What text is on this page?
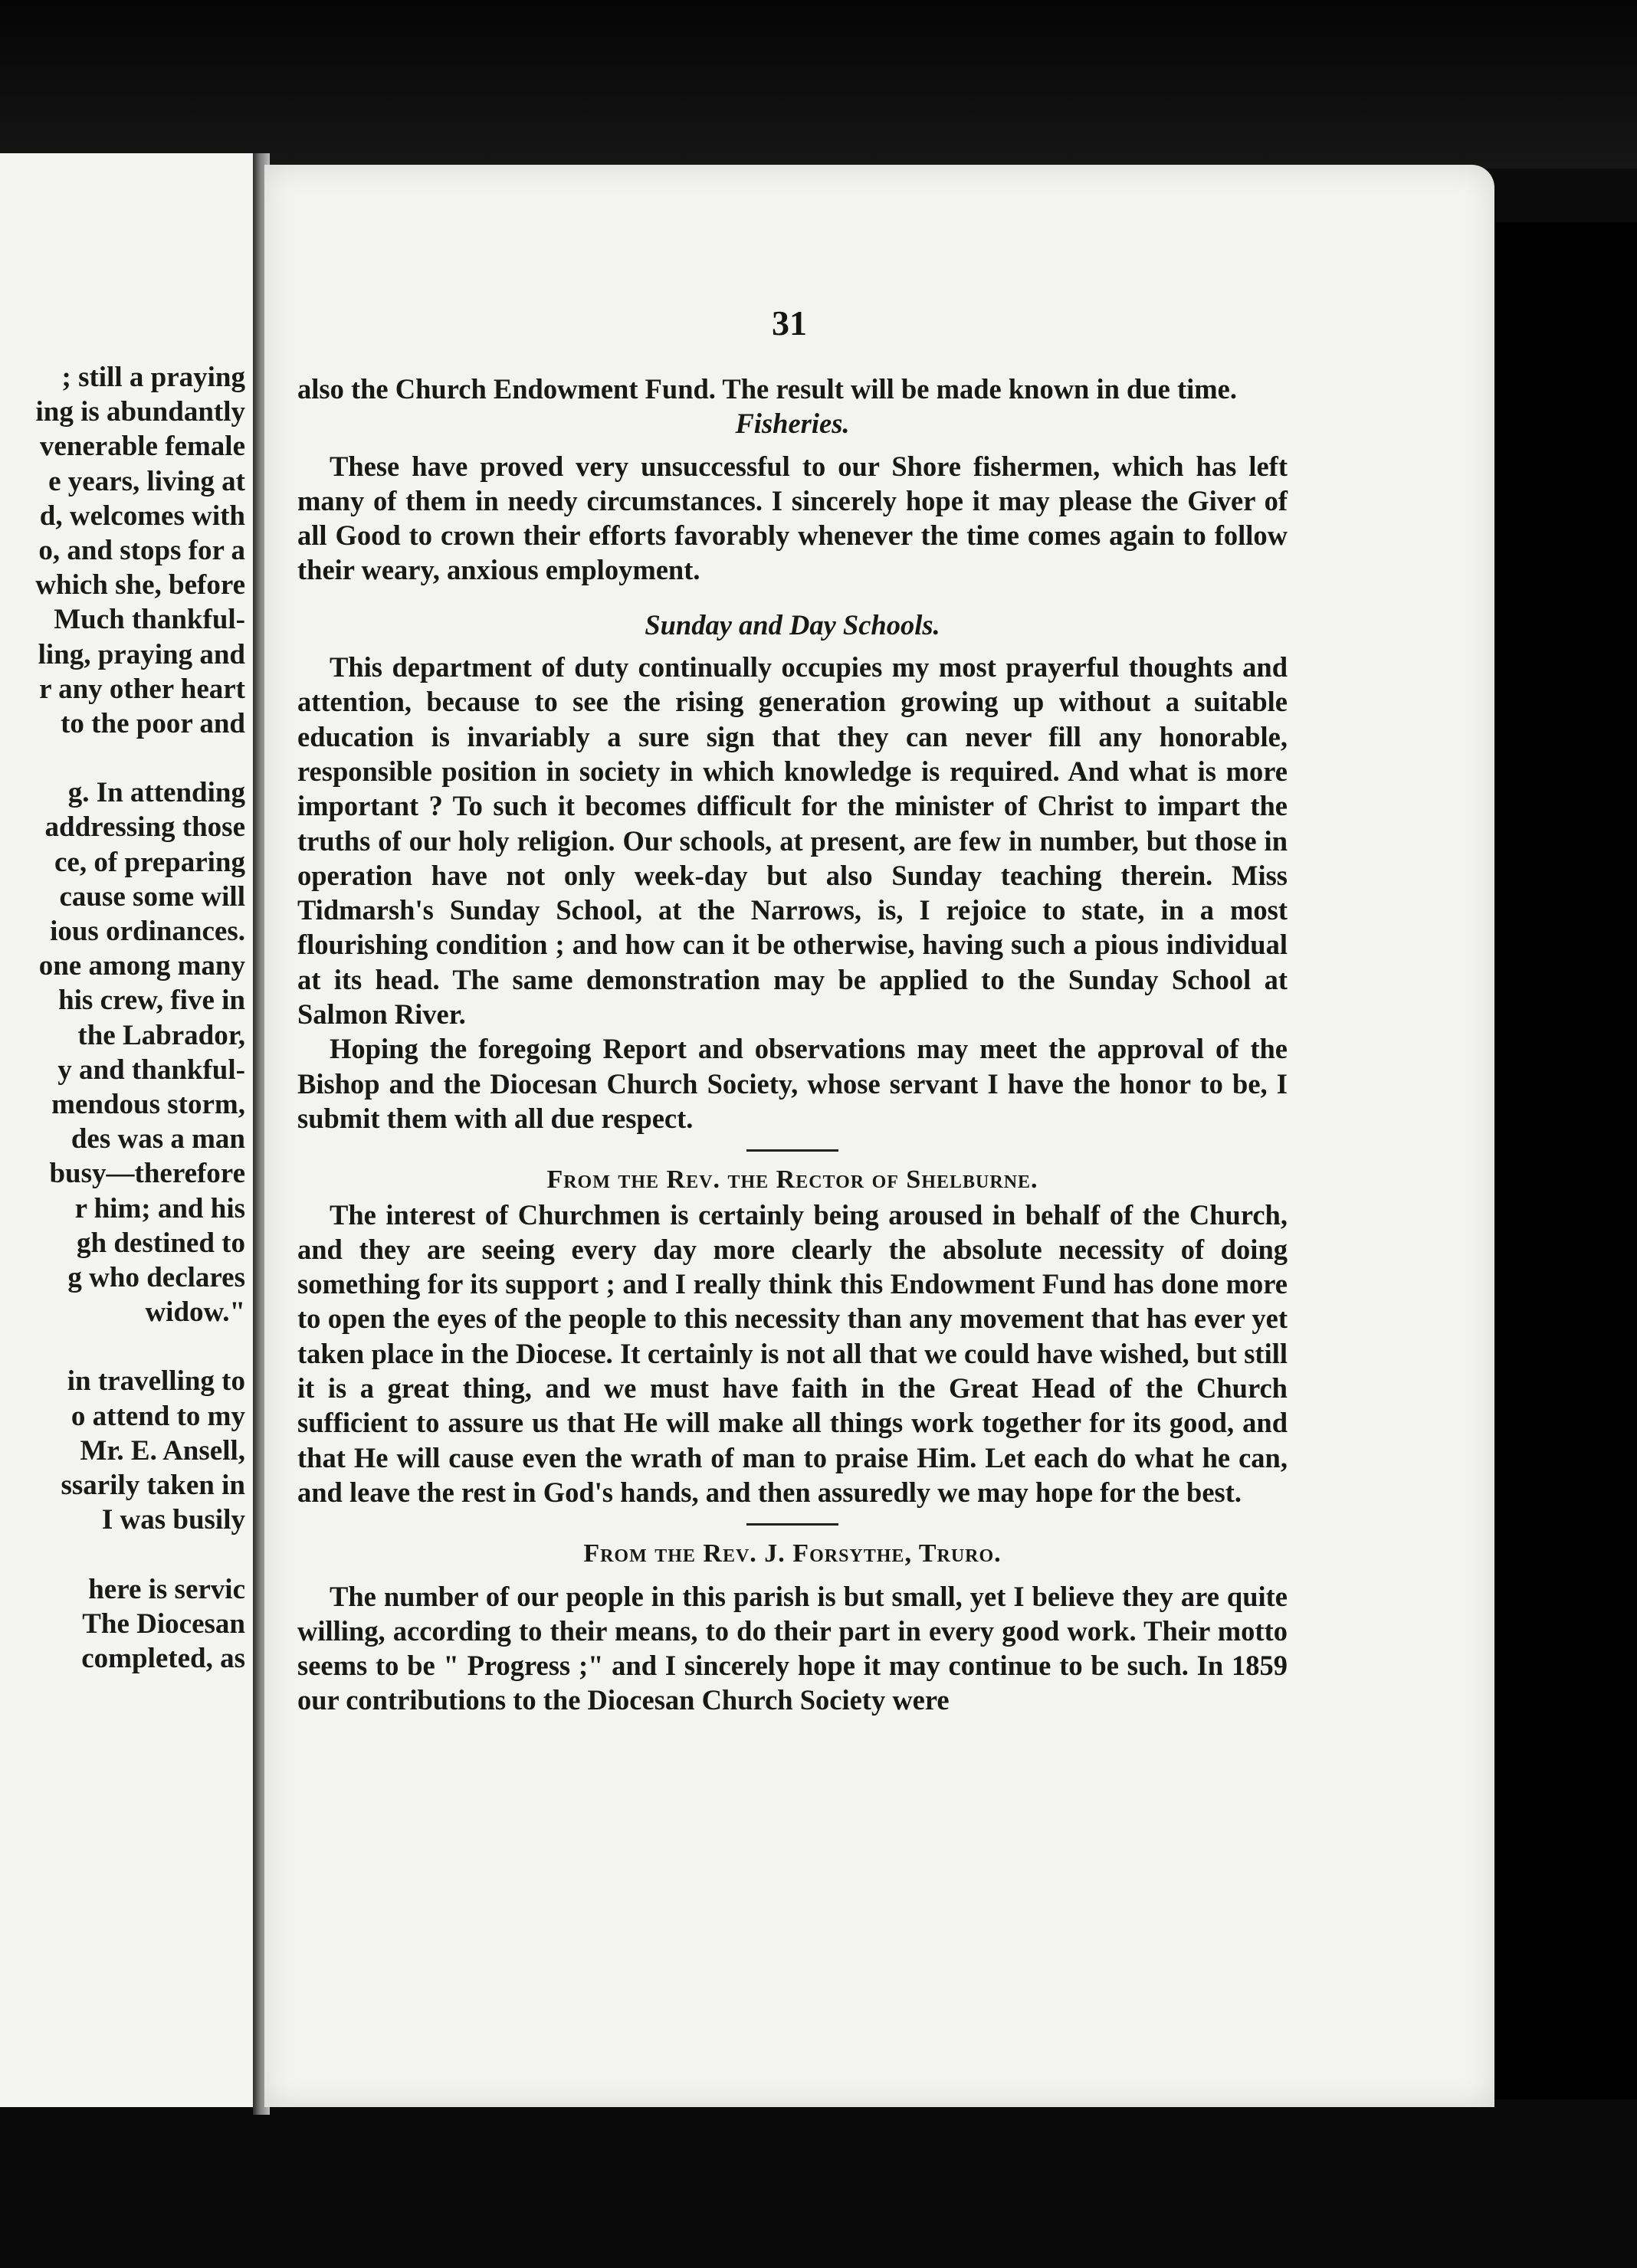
; still a praying
ing is abundantly
venerable female
e years, living at
d, welcomes with
o, and stops for a
which she, before
Much thankful-
ling, praying and
r any other heart
to the poor and
g. In attending
addressing those
ce, of preparing
cause some will
ious ordinances.
one among many
his crew, five in
the Labrador,
y and thankful-
mendous storm,
des was a man
busy—therefore
r him; and his
gh destined to
g who declares
widow."
in travelling to
o attend to my
Mr. E. Ansell,
ssarily taken in
I was busily
here is servic
The Diocesan
completed, as
31

also the Church Endowment Fund. The result will be made known in due time.

Fisheries.

These have proved very unsuccessful to our Shore fishermen, which has left many of them in needy circumstances. I sincerely hope it may please the Giver of all Good to crown their efforts favorably whenever the time comes again to follow their weary, anxious employment.

Sunday and Day Schools.

This department of duty continually occupies my most prayerful thoughts and attention, because to see the rising generation growing up without a suitable education is invariably a sure sign that they can never fill any honorable, responsible position in society in which knowledge is required. And what is more important ? To such it becomes difficult for the minister of Christ to impart the truths of our holy religion. Our schools, at present, are few in number, but those in operation have not only week-day but also Sunday teaching therein. Miss Tidmarsh's Sunday School, at the Narrows, is, I rejoice to state, in a most flourishing condition ; and how can it be otherwise, having such a pious individual at its head. The same demonstration may be applied to the Sunday School at Salmon River.

Hoping the foregoing Report and observations may meet the approval of the Bishop and the Diocesan Church Society, whose servant I have the honor to be, I submit them with all due respect.

From the Rev. the Rector of Shelburne.

The interest of Churchmen is certainly being aroused in behalf of the Church, and they are seeing every day more clearly the absolute necessity of doing something for its support ; and I really think this Endowment Fund has done more to open the eyes of the people to this necessity than any movement that has ever yet taken place in the Diocese. It certainly is not all that we could have wished, but still it is a great thing, and we must have faith in the Great Head of the Church sufficient to assure us that He will make all things work together for its good, and that He will cause even the wrath of man to praise Him. Let each do what he can, and leave the rest in God's hands, and then assuredly we may hope for the best.

From the Rev. J. Forsythe, Truro.

The number of our people in this parish is but small, yet I believe they are quite willing, according to their means, to do their part in every good work. Their motto seems to be " Progress ;" and I sincerely hope it may continue to be such. In 1859 our contributions to the Diocesan Church Society were
